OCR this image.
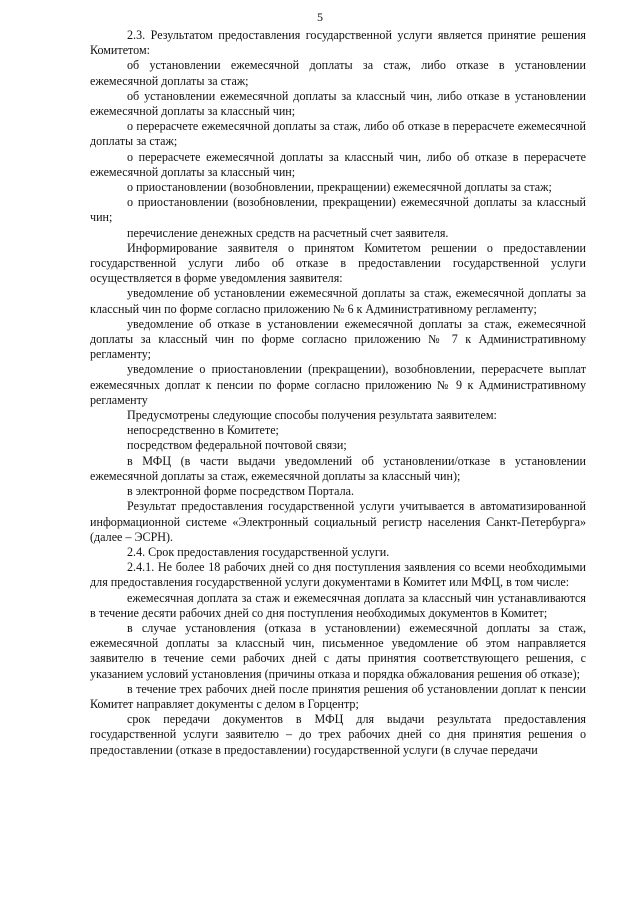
5

2.3. Результатом предоставления государственной услуги является принятие решения Комитетом:

об установлении ежемесячной доплаты за стаж, либо отказе в установлении ежемесячной доплаты за стаж;

об установлении ежемесячной доплаты за классный чин, либо отказе в установлении ежемесячной доплаты за классный чин;

о перерасчете ежемесячной доплаты за стаж, либо об отказе в перерасчете ежемесячной доплаты за стаж;

о перерасчете ежемесячной доплаты за классный чин, либо об отказе в перерасчете ежемесячной доплаты за классный чин;

о приостановлении (возобновлении, прекращении) ежемесячной доплаты за стаж;

о приостановлении (возобновлении, прекращении) ежемесячной доплаты за классный чин;

перечисление денежных средств на расчетный счет заявителя.

Информирование заявителя о принятом Комитетом решении о предоставлении государственной услуги либо об отказе в предоставлении государственной услуги осуществляется в форме уведомления заявителя:

уведомление об установлении ежемесячной доплаты за стаж, ежемесячной доплаты за классный чин по форме согласно приложению № 6 к Административному регламенту;

уведомление об отказе в установлении ежемесячной доплаты за стаж, ежемесячной доплаты за классный чин по форме согласно приложению № 7 к Административному регламенту;

уведомление о приостановлении (прекращении), возобновлении, перерасчете выплат ежемесячных доплат к пенсии по форме согласно приложению № 9 к Административному регламенту

Предусмотрены следующие способы получения результата заявителем:

непосредственно в Комитете;

посредством федеральной почтовой связи;

в МФЦ (в части выдачи уведомлений об установлении/отказе в установлении ежемесячной доплаты за стаж, ежемесячной доплаты за классный чин);

в электронной форме посредством Портала.

Результат предоставления государственной услуги учитывается в автоматизированной информационной системе «Электронный социальный регистр населения Санкт-Петербурга» (далее – ЭСРН).

2.4. Срок предоставления государственной услуги.

2.4.1. Не более 18 рабочих дней со дня поступления заявления со всеми необходимыми для предоставления государственной услуги документами в Комитет или МФЦ, в том числе:

ежемесячная доплата за стаж и ежемесячная доплата за классный чин устанавливаются в течение десяти рабочих дней со дня поступления необходимых документов в Комитет;

в случае установления (отказа в установлении) ежемесячной доплаты за стаж, ежемесячной доплаты за классный чин, письменное уведомление об этом направляется заявителю в течение семи рабочих дней с даты принятия соответствующего решения, с указанием условий установления (причины отказа и порядка обжалования решения об отказе);

в течение трех рабочих дней после принятия решения об установлении доплат к пенсии Комитет направляет документы с делом в Горцентр;

срок передачи документов в МФЦ для выдачи результата предоставления государственной услуги заявителю – до трех рабочих дней со дня принятия решения о предоставлении (отказе в предоставлении) государственной услуги (в случае передачи
